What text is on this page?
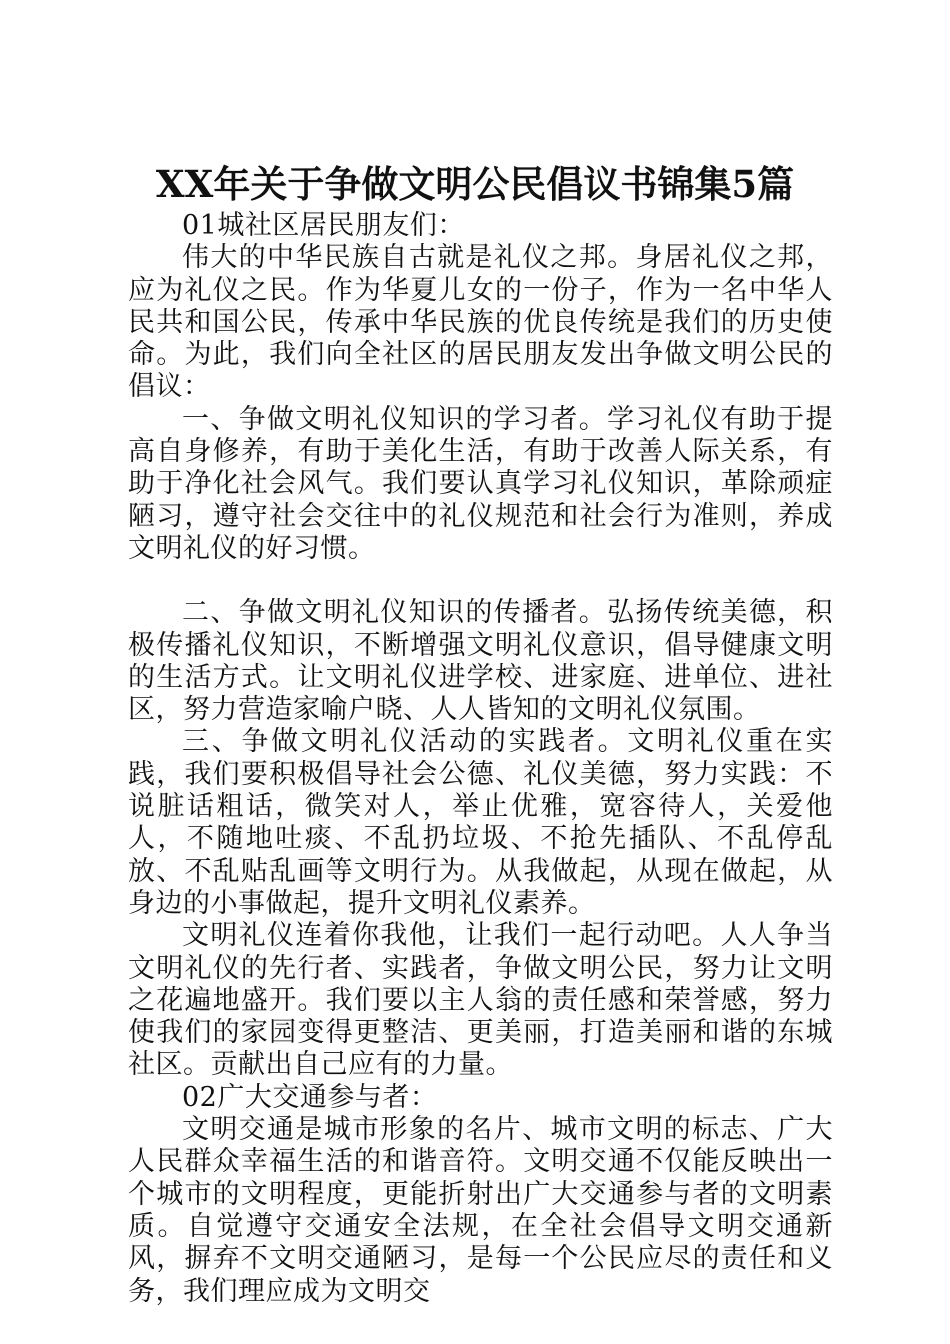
XX年关于争做文明公民倡议书锦集5篇

01城社区居民朋友们：

伟大的中华民族自古就是礼仪之邦。身居礼仪之邦，应为礼仪之民。作为华夏儿女的一份子，作为一名中华人民共和国公民，传承中华民族的优良传统是我们的历史使命。为此，我们向全社区的居民朋友发出争做文明公民的倡议：

一、争做文明礼仪知识的学习者。学习礼仪有助于提高自身修养，有助于美化生活，有助于改善人际关系，有助于净化社会风气。我们要认真学习礼仪知识，革除顽症陋习，遵守社会交往中的礼仪规范和社会行为准则，养成文明礼仪的好习惯。

二、争做文明礼仪知识的传播者。弘扬传统美德，积极传播礼仪知识，不断增强文明礼仪意识，倡导健康文明的生活方式。让文明礼仪进学校、进家庭、进单位、进社区，努力营造家喻户晓、人人皆知的文明礼仪氛围。

三、争做文明礼仪活动的实践者。文明礼仪重在实践，我们要积极倡导社会公德、礼仪美德，努力实践：不说脏话粗话，微笑对人，举止优雅，宽容待人，关爱他人，不随地吐痰、不乱扔垃圾、不抢先插队、不乱停乱放、不乱贴乱画等文明行为。从我做起，从现在做起，从身边的小事做起，提升文明礼仪素养。

文明礼仪连着你我他，让我们一起行动吧。人人争当文明礼仪的先行者、实践者，争做文明公民，努力让文明之花遍地盛开。我们要以主人翁的责任感和荣誉感，努力使我们的家园变得更整洁、更美丽，打造美丽和谐的东城社区。贡献出自己应有的力量。

02广大交通参与者：

文明交通是城市形象的名片、城市文明的标志、广大人民群众幸福生活的和谐音符。文明交通不仅能反映出一个城市的文明程度，更能折射出广大交通参与者的文明素质。自觉遵守交通安全法规，在全社会倡导文明交通新风，摒弃不文明交通陋习，是每一个公民应尽的责任和义务，我们理应成为文明交
